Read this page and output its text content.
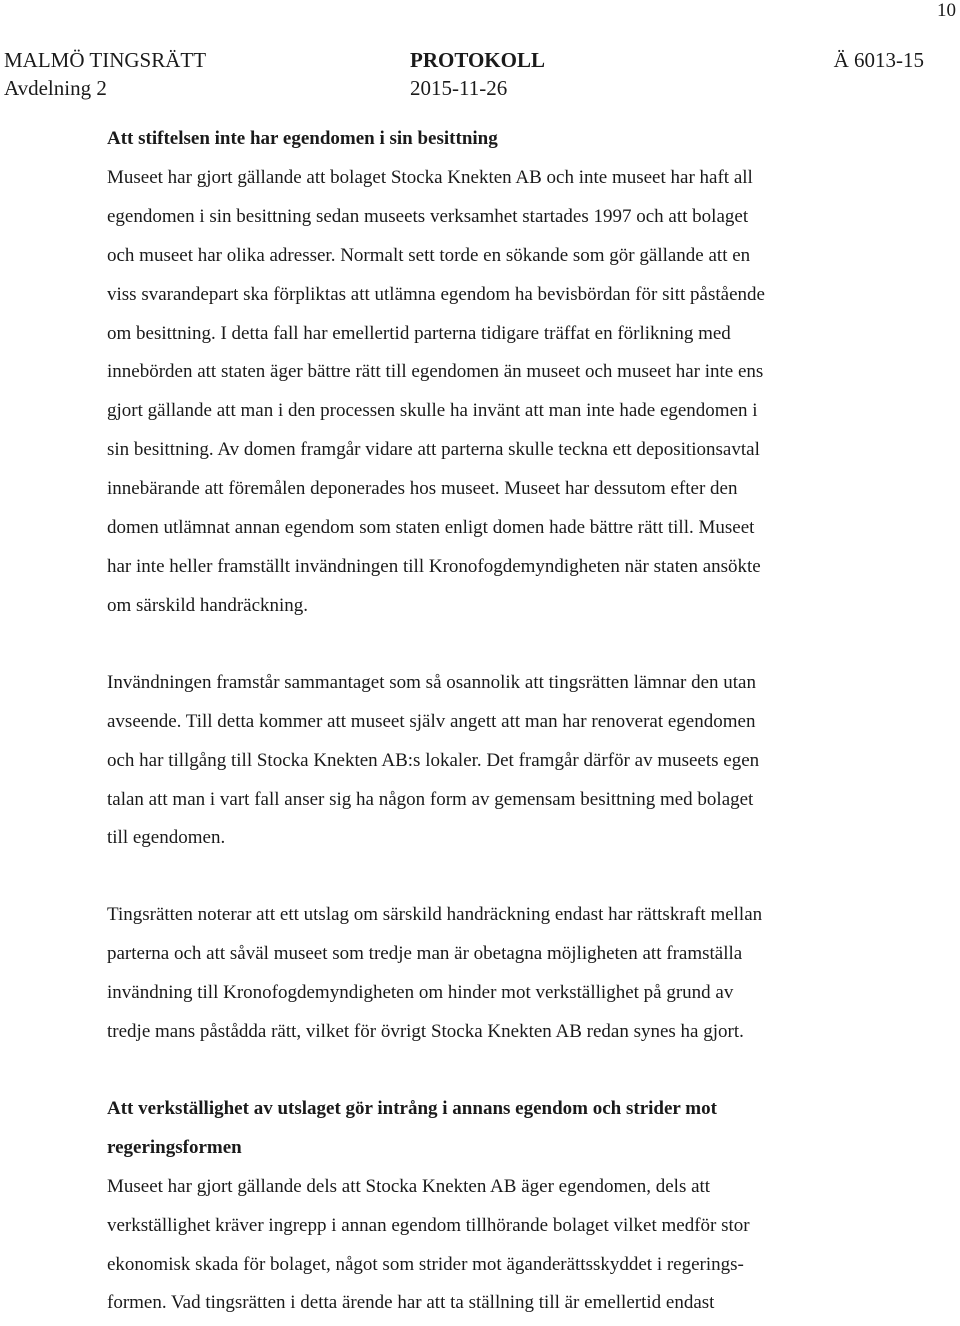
10
MALMÖ TINGSRÄTT	PROTOKOLL	Ä 6013-15
Avdelning 2	2015-11-26

Att stiftelsen inte har egendomen i sin besittning

Museet har gjort gällande att bolaget Stocka Knekten AB och inte museet har haft all

egendomen i sin besittning sedan museets verksamhet startades 1997 och att bolaget

och museet har olika adresser. Normalt sett torde en sökande som gör gällande att en

viss svarandepart ska förpliktas att utlämna egendom ha bevisbördan för sitt påstående

om besittning. I detta fall har emellertid parterna tidigare träffat en förlikning med

innebörden att staten äger bättre rätt till egendomen än museet och museet har inte ens

gjort gällande att man i den processen skulle ha invänt att man inte hade egendomen i

sin besittning. Av domen framgår vidare att parterna skulle teckna ett depositionsavtal

innebärande att föremålen deponerades hos museet. Museet har dessutom efter den

domen utlämnat annan egendom som staten enligt domen hade bättre rätt till. Museet

har inte heller framställt invändningen till Kronofogdemyndigheten när staten ansökte

om särskild handräckning.

Invändningen framstår sammantaget som så osannolik att tingsrätten lämnar den utan

avseende. Till detta kommer att museet själv angett att man har renoverat egendomen

och har tillgång till Stocka Knekten AB:s lokaler. Det framgår därför av museets egen

talan att man i vart fall anser sig ha någon form av gemensam besittning med bolaget

till egendomen.

Tingsrätten noterar att ett utslag om särskild handräckning endast har rättskraft mellan

parterna och att såväl museet som tredje man är obetagna möjligheten att framställa

invändning till Kronofogdemyndigheten om hinder mot verkställighet på grund av

tredje mans påstådda rätt, vilket för övrigt Stocka Knekten AB redan synes ha gjort.

Att verkställighet av utslaget gör intrång i annans egendom och strider mot

regeringsformen

Museet har gjort gällande dels att Stocka Knekten AB äger egendomen, dels att

verkställighet kräver ingrepp i annan egendom tillhörande bolaget vilket medför stor

ekonomisk skada för bolaget, något som strider mot äganderättsskyddet i regerings-

formen. Vad tingsrätten i detta ärende har att ta ställning till är emellertid endast
